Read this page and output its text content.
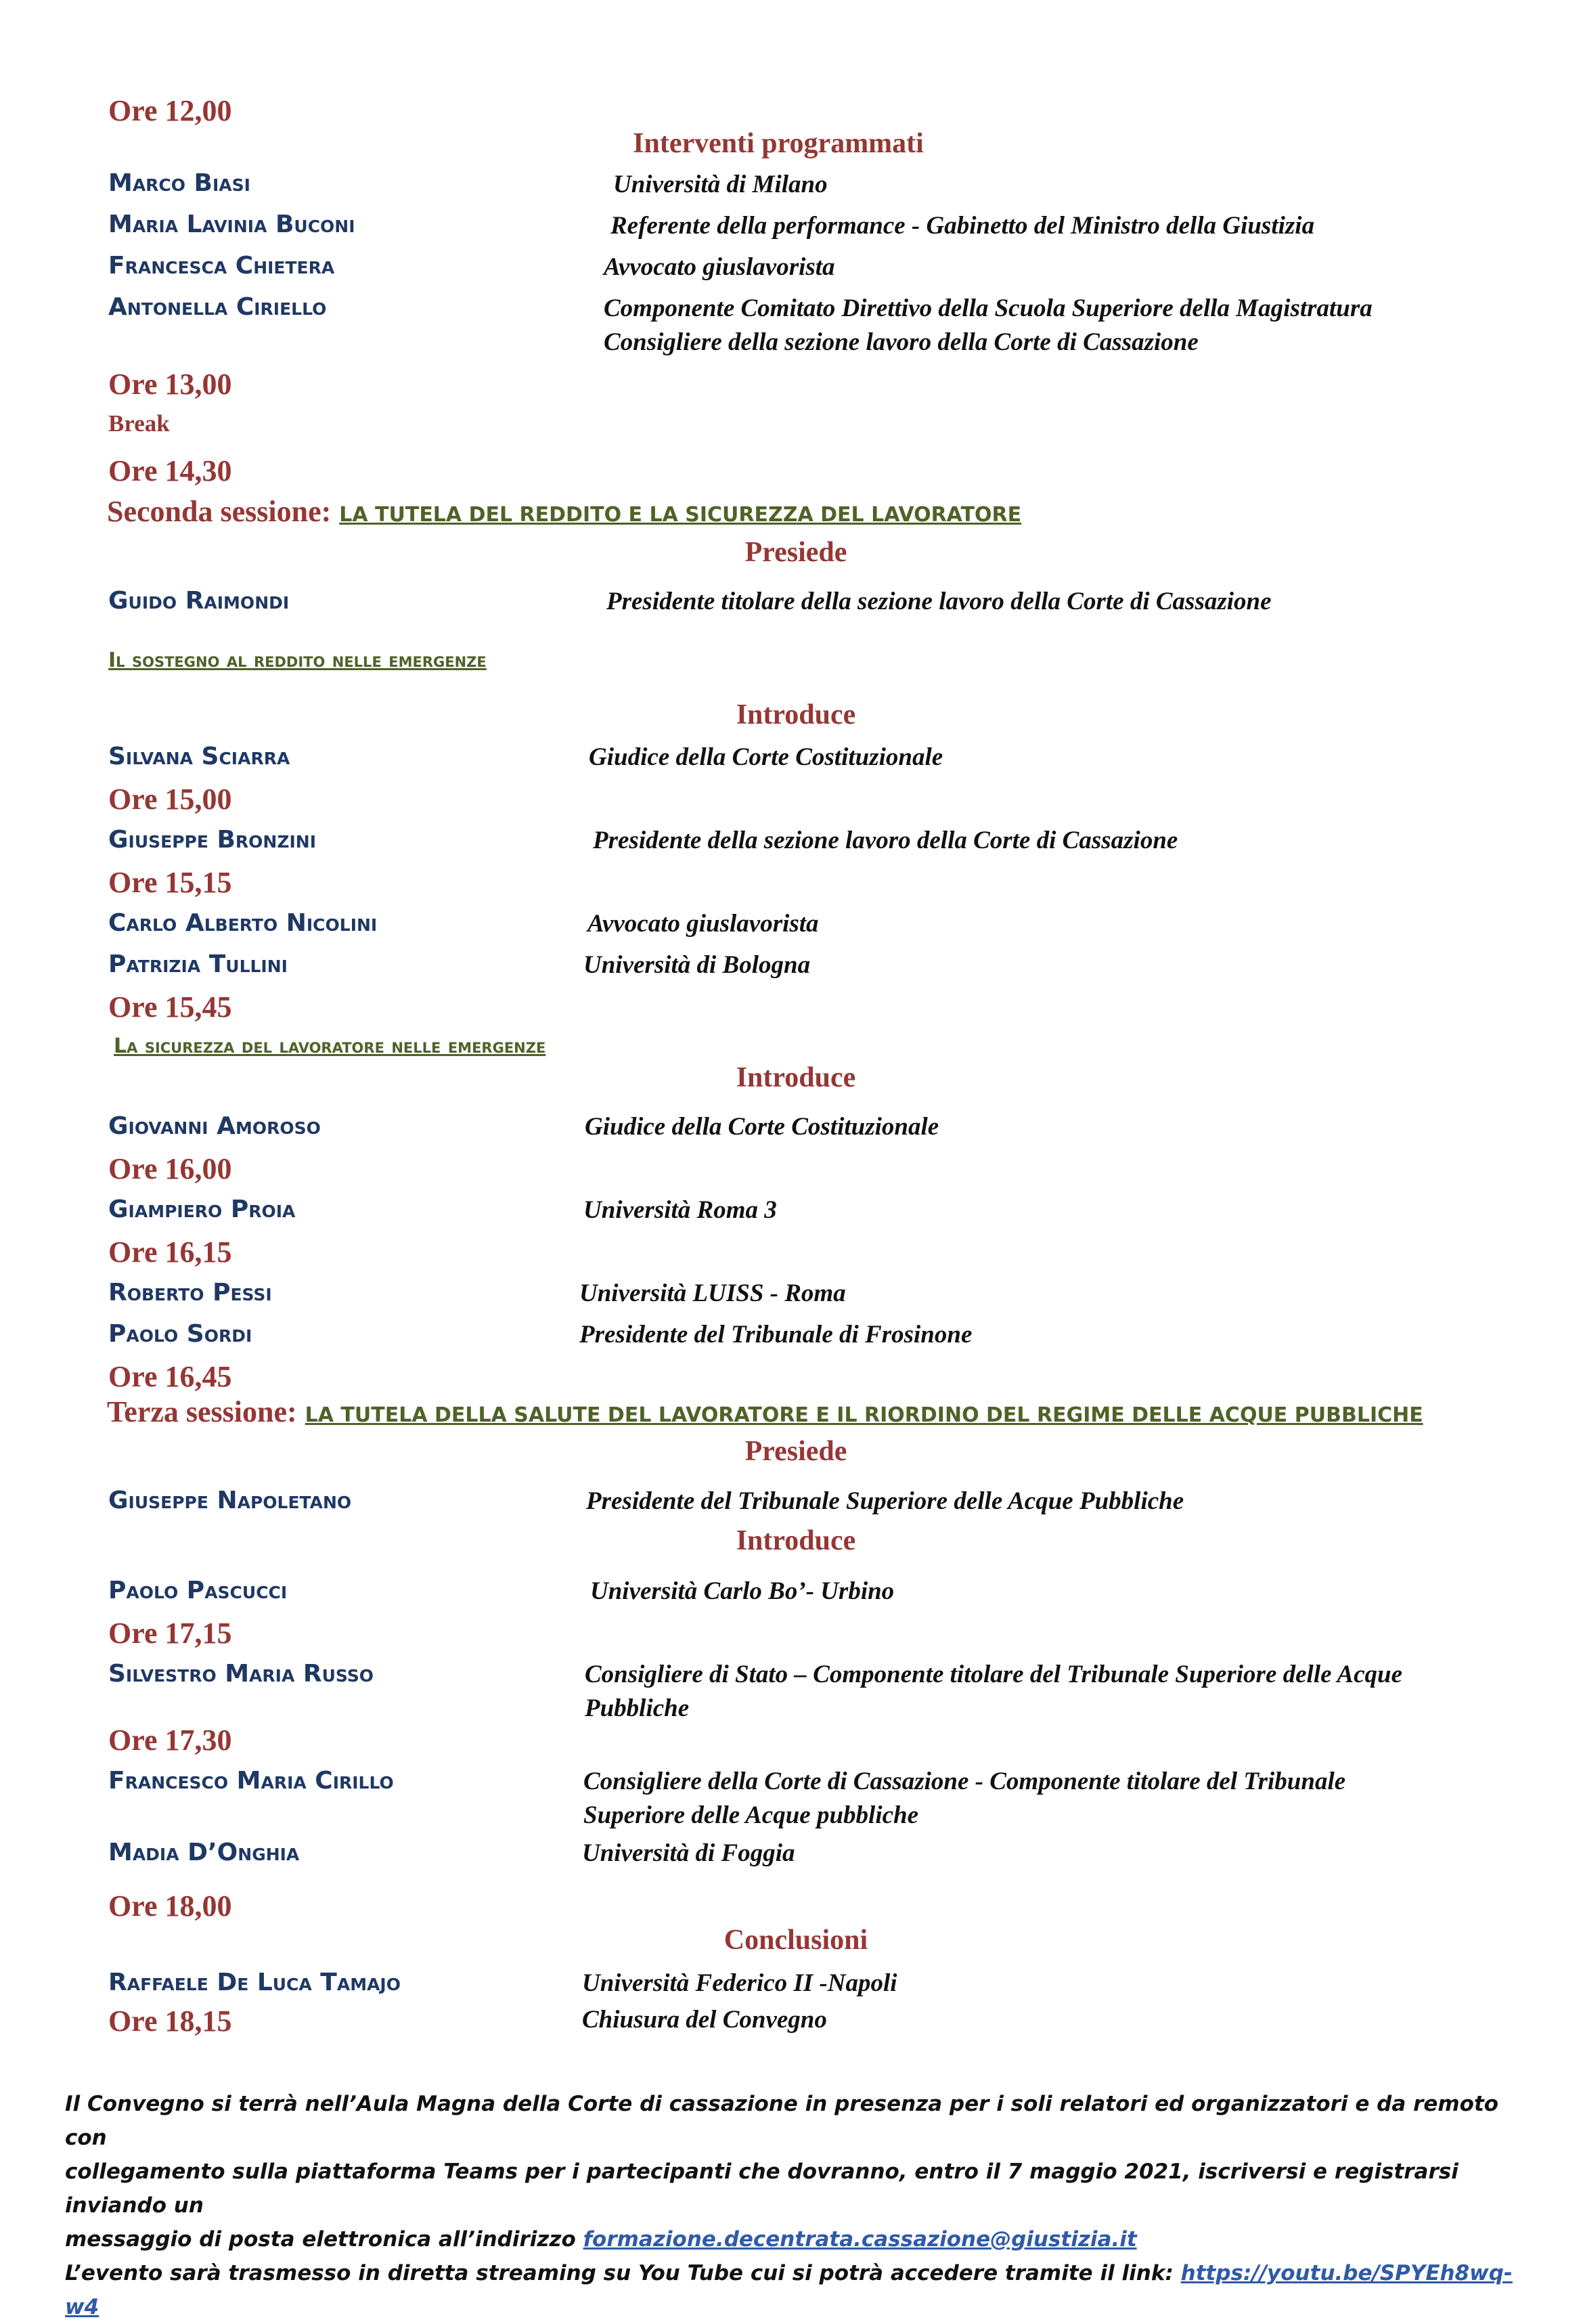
Ore 12,00
Interventi programmati
Marco Biasi	Università di Milano
Maria Lavinia Buconi	Referente della performance - Gabinetto del Ministro della Giustizia
Francesca Chietera	Avvocato giuslavorista
Antonella Ciriello	Componente Comitato Direttivo della Scuola Superiore della Magistratura
Consigliere della sezione lavoro della Corte di Cassazione
Ore 13,00
Break
Ore 14,30
Seconda sessione: LA TUTELA DEL REDDITO E LA SICUREZZA DEL LAVORATORE
Presiede
Guido Raimondi	Presidente titolare della sezione lavoro della Corte di Cassazione
Il sostegno al reddito nelle emergenze
Introduce
Silvana Sciarra	Giudice della Corte Costituzionale
Ore 15,00
Giuseppe Bronzini	Presidente della sezione lavoro della Corte di Cassazione
Ore 15,15
Carlo Alberto Nicolini	Avvocato giuslavorista
Patrizia Tullini	Università di Bologna
Ore 15,45
La sicurezza del lavoratore nelle emergenze
Introduce
Giovanni Amoroso	Giudice della Corte Costituzionale
Ore 16,00
Giampiero Proia	Università Roma 3
Ore 16,15
Roberto Pessi	Università LUISS - Roma
Paolo Sordi	Presidente del Tribunale di Frosinone
Ore 16,45
Terza sessione: LA TUTELA DELLA SALUTE DEL LAVORATORE E IL RIORDINO DEL REGIME DELLE ACQUE PUBBLICHE
Presiede
Giuseppe Napoletano	Presidente del Tribunale Superiore delle Acque Pubbliche
Introduce
Paolo Pascucci	Università Carlo Bo’- Urbino
Ore 17,15
Silvestro Maria Russo	Consigliere di Stato – Componente titolare del Tribunale Superiore delle Acque
Pubbliche
Ore 17,30
Francesco Maria Cirillo	Consigliere della Corte di Cassazione - Componente titolare del Tribunale
Superiore delle Acque pubbliche
Madia D’Onghia	Università di Foggia
Ore 18,00
Conclusioni
Raffaele De Luca Tamajo	Università Federico II -Napoli
Ore 18,15	Chiusura del Convegno
Il Convegno si terrà nell’Aula Magna della Corte di cassazione in presenza per i soli relatori ed organizzatori e da remoto con
collegamento sulla piattaforma Teams per i partecipanti che dovranno, entro il 7 maggio 2021, iscriversi e registrarsi inviando un
messaggio di posta elettronica all’indirizzo formazione.decentrata.cassazione@giustizia.it
L’evento sarà trasmesso in diretta streaming su You Tube cui si potrà accedere tramite il link: https://youtu.be/SPYEh8wq-w4
